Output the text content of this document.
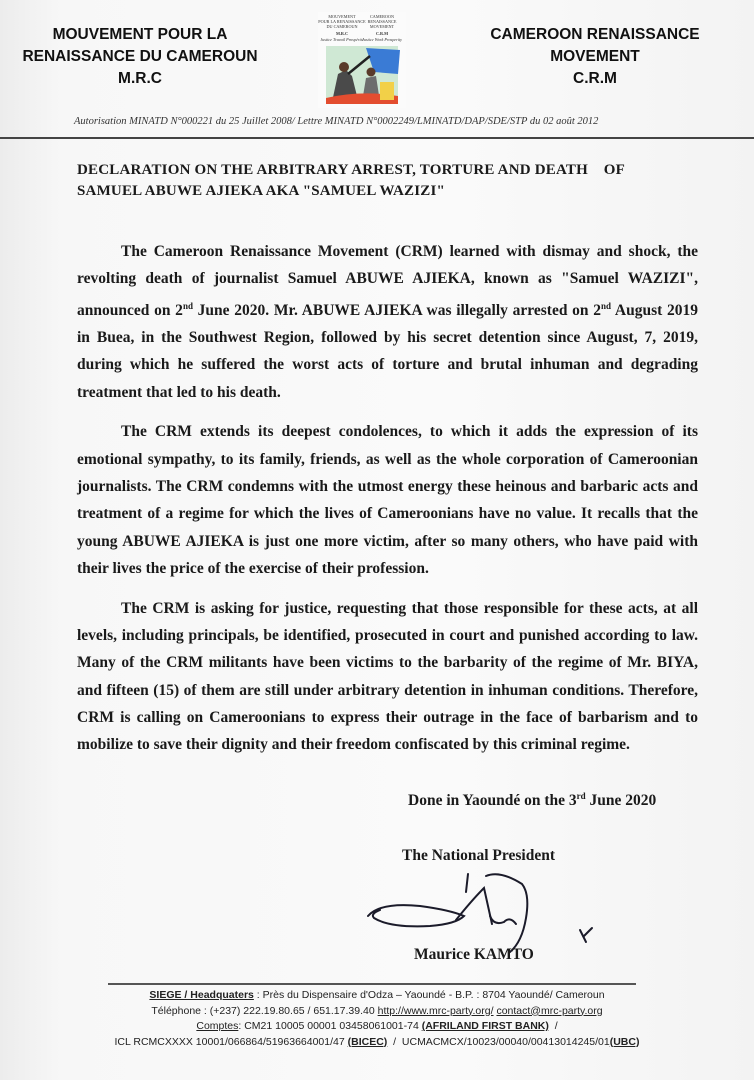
MOUVEMENT POUR LA
RENAISSANCE DU CAMEROUN
M.R.C
MOUVEMENT
POUR LA RENAISSANCE
DU CAMEROUN
M.R.C
Justice Travail Prospérité
CAMEROON
RENAISSANCE
MOVEMENT
C.R.M
Justice Work Prosperity	CAMEROON RENAISSANCE
MOVEMENT
C.R.M
Autorisation MINATD N°000221 du 25 Juillet 2008/ Lettre MINATD N°0002249/LMINATD/DAP/SDE/STP du 02 août 2012
DECLARATION ON THE ARBITRARY ARREST, TORTURE AND DEATH    OF
SAMUEL ABUWE AJIEKA AKA "SAMUEL WAZIZI"

The Cameroon Renaissance Movement (CRM) learned with dismay and shock, the revolting death of journalist Samuel ABUWE AJIEKA, known as "Samuel WAZIZI", announced on 2nd June 2020. Mr. ABUWE AJIEKA was illegally arrested on 2nd August 2019 in Buea, in the Southwest Region, followed by his secret detention since August, 7, 2019, during which he suffered the worst acts of torture and brutal inhuman and degrading treatment that led to his death.

The CRM extends its deepest condolences, to which it adds the expression of its emotional sympathy, to its family, friends, as well as the whole corporation of Cameroonian journalists. The CRM condemns with the utmost energy these heinous and barbaric acts and treatment of a regime for which the lives of Cameroonians have no value. It recalls that the young ABUWE AJIEKA is just one more victim, after so many others, who have paid with their lives the price of the exercise of their profession.

The CRM is asking for justice, requesting that those responsible for these acts, at all levels, including principals, be identified, prosecuted in court and punished according to law. Many of the CRM militants have been victims to the barbarity of the regime of Mr. BIYA, and fifteen (15) of them are still under arbitrary detention in inhuman conditions. Therefore, CRM is calling on Cameroonians to express their outrage in the face of barbarism and to mobilize to save their dignity and their freedom confiscated by this criminal regime.

Done in Yaoundé on the 3rd June 2020
The National President
Maurice KAMTO
SIEGE / Headquaters : Près du Dispensaire d'Odza – Yaoundé - B.P. : 8704 Yaoundé/ Cameroun
Téléphone : (+237) 222.19.80.65 / 651.17.39.40 http://www.mrc-party.org/ contact@mrc-party.org
Comptes: CM21 10005 00001 03458061001-74 (AFRILAND FIRST BANK)  /
ICL RCMCXXXX 10001/066864/51963664001/47 (BICEC)  /  UCMACMCX/10023/00040/00413014245/01(UBC)
